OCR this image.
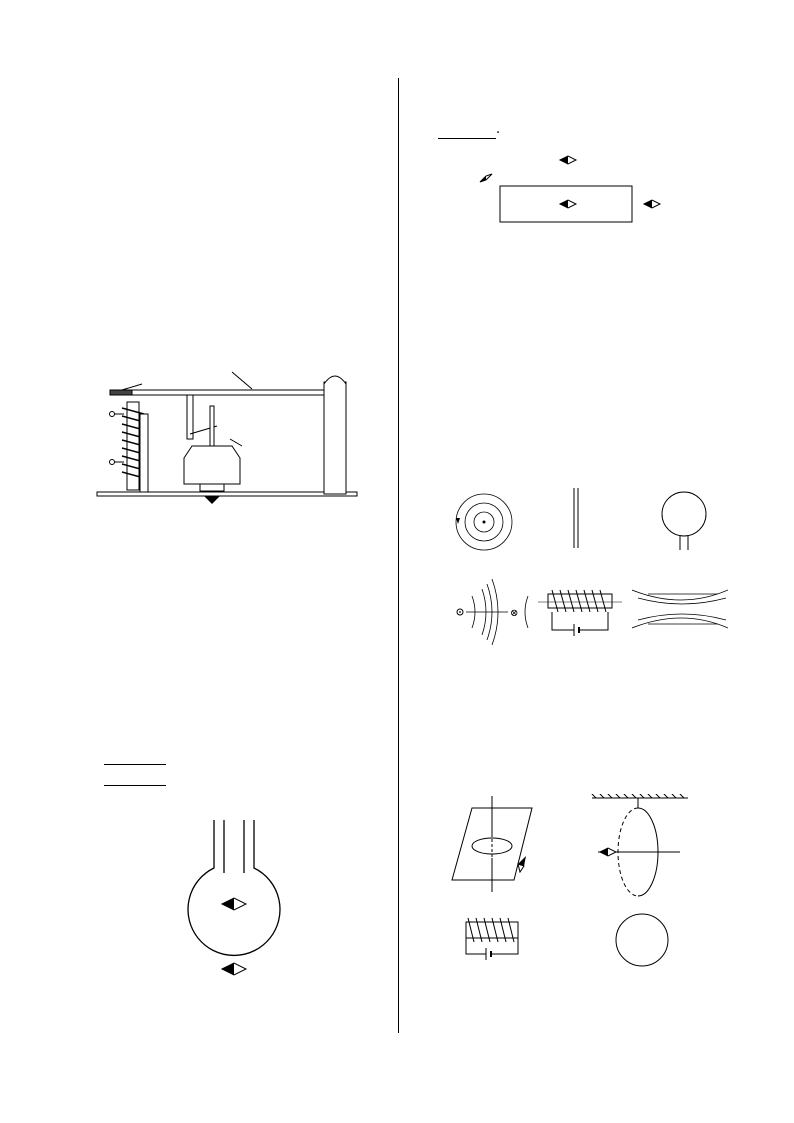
.
⊗
